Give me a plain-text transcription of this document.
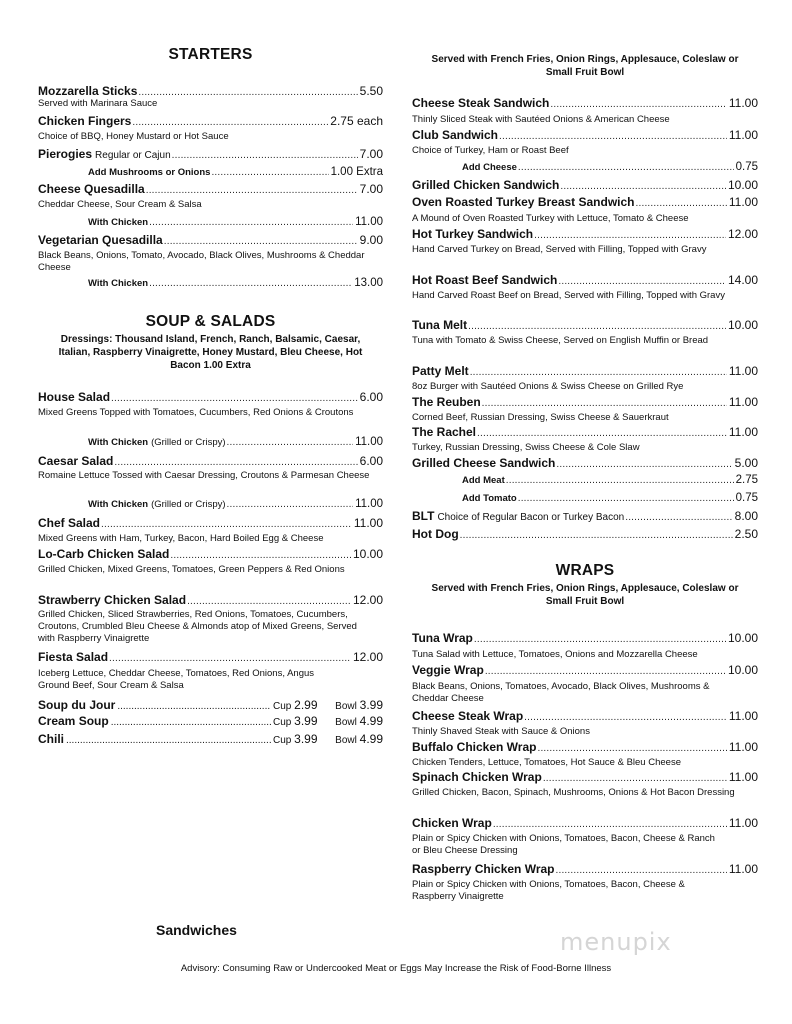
STARTERS
Mozzarella Sticks .....	5.50
Served with Marinara Sauce
Chicken Fingers .....	2.75 each
Choice of BBQ, Honey Mustard or Hot Sauce
Pierogies Regular or Cajun .....	7.00
Add Mushrooms or Onions .....	1.00 Extra
Cheese Quesadilla .....	7.00
Cheddar Cheese, Sour Cream & Salsa
With Chicken .....	11.00
Vegetarian Quesadilla .....	9.00
Black Beans, Onions, Tomato, Avocado, Black Olives, Mushrooms & Cheddar Cheese
With Chicken .....	13.00
SOUP & SALADS
Dressings: Thousand Island, French, Ranch, Balsamic, Caesar, Italian, Raspberry Vinaigrette, Honey Mustard, Bleu Cheese, Hot Bacon 1.00 Extra
House Salad .....	6.00
Mixed Greens Topped with Tomatoes, Cucumbers, Red Onions & Croutons
With Chicken (Grilled or Crispy) .....	11.00
Caesar Salad .....	6.00
Romaine Lettuce Tossed with Caesar Dressing, Croutons & Parmesan Cheese
With Chicken (Grilled or Crispy) .....	11.00
Chef Salad .....	11.00
Mixed Greens with Ham, Turkey, Bacon, Hard Boiled Egg & Cheese
Lo-Carb Chicken Salad .....	10.00
Grilled Chicken, Mixed Greens, Tomatoes, Green Peppers & Red Onions
Strawberry Chicken Salad .....	12.00
Grilled Chicken, Sliced Strawberries, Red Onions, Tomatoes, Cucumbers, Croutons, Crumbled Bleu Cheese & Almonds atop of Mixed Greens, Served with Raspberry Vinaigrette
Fiesta Salad .....	12.00
Iceberg Lettuce, Cheddar Cheese, Tomatoes, Red Onions, Angus Ground Beef, Sour Cream & Salsa
Soup du Jour .....	Cup 2.99	Bowl 3.99
Cream Soup .....	Cup 3.99	Bowl 4.99
Chili .....	Cup 3.99	Bowl 4.99
Served with French Fries, Onion Rings, Applesauce, Coleslaw or Small Fruit Bowl
Cheese Steak Sandwich .....	11.00
Thinly Sliced Steak with Sautéed Onions & American Cheese
Club Sandwich .....	11.00
Choice of Turkey, Ham or Roast Beef
Add Cheese .....	0.75
Grilled Chicken Sandwich .....	10.00
Oven Roasted Turkey Breast Sandwich .....	11.00
A Mound of Oven Roasted Turkey with Lettuce, Tomato & Cheese
Hot Turkey Sandwich .....	12.00
Hand Carved Turkey on Bread, Served with Filling, Topped with Gravy
Hot Roast Beef Sandwich .....	14.00
Hand Carved Roast Beef on Bread, Served with Filling, Topped with Gravy
Tuna Melt .....	10.00
Tuna with Tomato & Swiss Cheese, Served on English Muffin or Bread
Patty Melt .....	11.00
8oz Burger with Sautéed Onions & Swiss Cheese on Grilled Rye
The Reuben .....	11.00
Corned Beef, Russian Dressing, Swiss Cheese & Sauerkraut
The Rachel .....	11.00
Turkey, Russian Dressing, Swiss Cheese & Cole Slaw
Grilled Cheese Sandwich .....	5.00
Add Meat .....	2.75
Add Tomato .....	0.75
BLT Choice of Regular Bacon or Turkey Bacon .....	8.00
Hot Dog .....	2.50
WRAPS
Served with French Fries, Onion Rings, Applesauce, Coleslaw or Small Fruit Bowl
Tuna Wrap .....	10.00
Tuna Salad with Lettuce, Tomatoes, Onions and Mozzarella Cheese
Veggie Wrap .....	10.00
Black Beans, Onions, Tomatoes, Avocado, Black Olives, Mushrooms & Cheddar Cheese
Cheese Steak Wrap .....	11.00
Thinly Shaved Steak with Sauce & Onions
Buffalo Chicken Wrap .....	11.00
Chicken Tenders, Lettuce, Tomatoes, Hot Sauce & Bleu Cheese
Spinach Chicken Wrap .....	11.00
Grilled Chicken, Bacon, Spinach, Mushrooms, Onions & Hot Bacon Dressing
Chicken Wrap .....	11.00
Plain or Spicy Chicken with Onions, Tomatoes, Bacon, Cheese & Ranch or Bleu Cheese Dressing
Raspberry Chicken Wrap .....	11.00
Plain or Spicy Chicken with Onions, Tomatoes, Bacon, Cheese & Raspberry Vinaigrette
Sandwiches
Advisory: Consuming Raw or Undercooked Meat or Eggs May Increase the Risk of Food-Borne Illness
menupix
